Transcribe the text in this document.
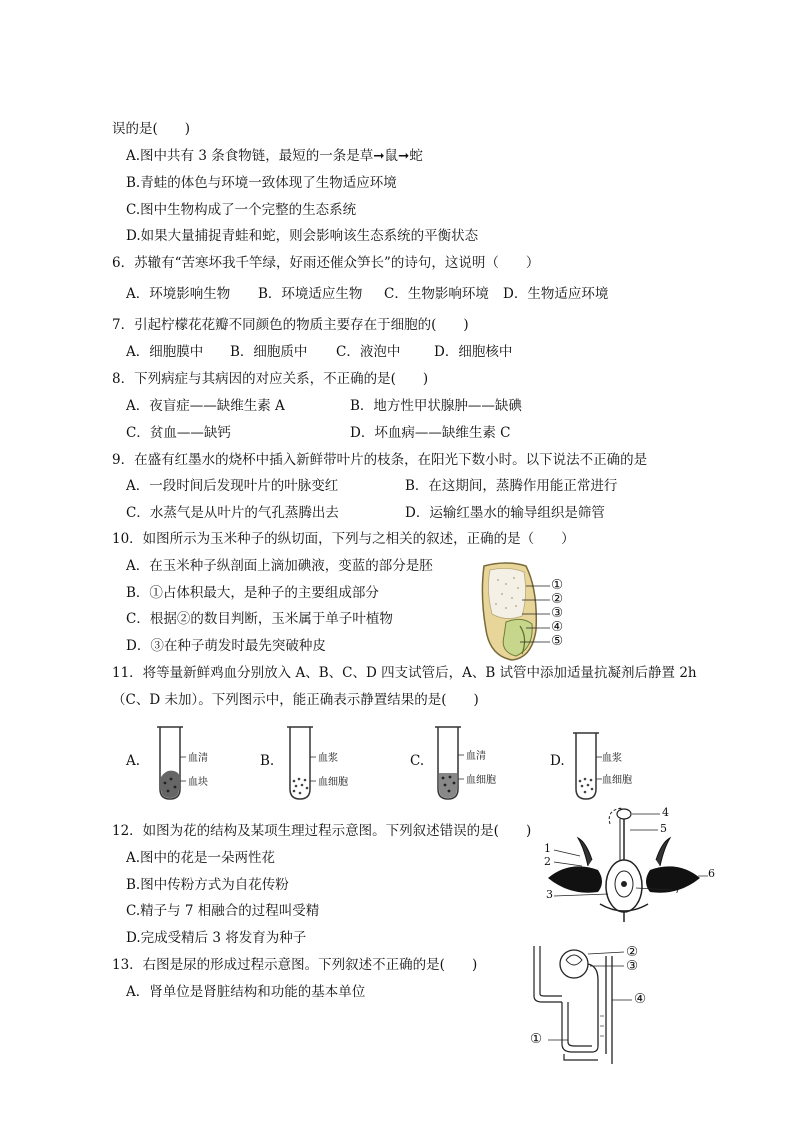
误的是(　　)
A.图中共有 3 条食物链，最短的一条是草➞鼠➞蛇
B.青蛙的体色与环境一致体现了生物适应环境
C.图中生物构成了一个完整的生态系统
D.如果大量捕捉青蛙和蛇，则会影响该生态系统的平衡状态
6．苏辙有“苦寒坏我千竿绿，好雨还催众笋长”的诗句，这说明（　　）
A．环境影响生物 B．环境适应生物 C．生物影响环境 D．生物适应环境
7．引起柠檬花花瓣不同颜色的物质主要存在于细胞的(　　)
A．细胞膜中 B．细胞质中 C．液泡中 D．细胞核中
8．下列病症与其病因的对应关系，不正确的是(　　)
A．夜盲症——缺维生素 A	B．地方性甲状腺肿——缺碘
C．贫血——缺钙	D．坏血病——缺维生素 C
9．在盛有红墨水的烧杯中插入新鲜带叶片的枝条，在阳光下数小时。以下说法不正确的是
A．一段时间后发现叶片的叶脉变红	B．在这期间，蒸腾作用能正常进行
C．水蒸气是从叶片的气孔蒸腾出去	D．运输红墨水的输导组织是筛管
10．如图所示为玉米种子的纵切面，下列与之相关的叙述，正确的是（　　）
A．在玉米种子纵剖面上滴加碘液，变蓝的部分是胚
B．①占体积最大，是种子的主要组成部分
C．根据②的数目判断，玉米属于单子叶植物
D．③在种子萌发时最先突破种皮
①
②
③
④
⑤
11．将等量新鲜鸡血分别放入 A、B、C、D 四支试管后，A、B 试管中添加适量抗凝剂后静置 2h
（C、D 未加）。下列图示中，能正确表示静置结果的是(　　)
A.	血清
血块
B.	血浆
血细胞
C.	血清
血细胞
D.	血浆
血细胞
12．如图为花的结构及某项生理过程示意图。下列叙述错误的是(　　)
A.图中的花是一朵两性花
B.图中传粉方式为自花传粉
C.精子与 7 相融合的过程叫受精
D.完成受精后 3 将发育为种子
1
2
3
4
5
6
7
13．右图是尿的形成过程示意图。下列叙述不正确的是(　　)
A．肾单位是肾脏结构和功能的基本单位
①
②
③
④
